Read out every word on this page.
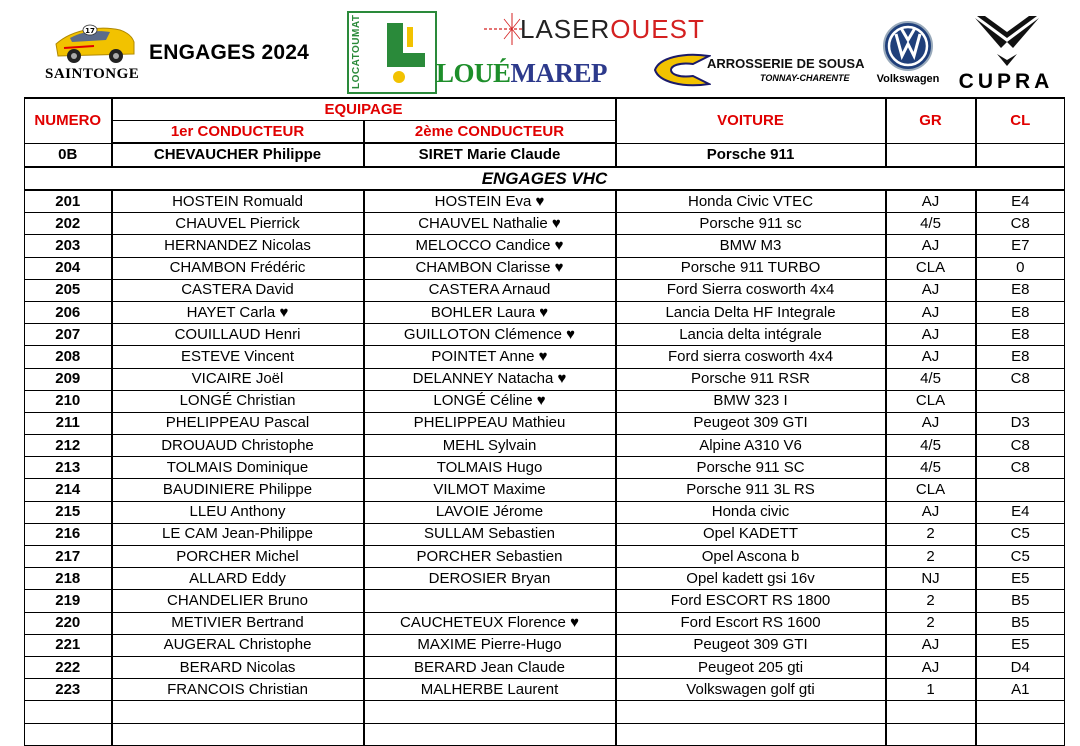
17
SAINTONGE
ENGAGES 2024	LOCATOUMAT	LOUÉMAREP
LASEROUEST
ARROSSERIE DE SOUSA
TONNAY-CHARENTE Volkswagen CUPRA
NUMERO	EQUIPAGE		VOITURE	GR	CL
	1er CONDUCTEUR	2ème CONDUCTEUR			
0B	CHEVAUCHER Philippe	SIRET Marie Claude	Porsche 911		
ENGAGES VHC					
201	HOSTEIN Romuald	HOSTEIN Eva ♥	Honda Civic VTEC	AJ	E4
202	CHAUVEL Pierrick	CHAUVEL Nathalie ♥	Porsche 911 sc	4/5	C8
203	HERNANDEZ Nicolas	MELOCCO Candice ♥	BMW M3	AJ	E7
204	CHAMBON Frédéric	CHAMBON Clarisse ♥	Porsche 911 TURBO	CLA	0
205	CASTERA David	CASTERA Arnaud	Ford Sierra cosworth 4x4	AJ	E8
206	HAYET Carla ♥	BOHLER Laura ♥	Lancia Delta HF Integrale	AJ	E8
207	COUILLAUD Henri	GUILLOTON Clémence ♥	Lancia delta intégrale	AJ	E8
208	ESTEVE Vincent	POINTET Anne ♥	Ford sierra cosworth 4x4	AJ	E8
209	VICAIRE Joël	DELANNEY Natacha ♥	Porsche 911 RSR	4/5	C8
210	LONGÉ Christian	LONGÉ Céline ♥	BMW 323 I	CLA	
211	PHELIPPEAU Pascal	PHELIPPEAU Mathieu	Peugeot 309 GTI	AJ	D3
212	DROUAUD Christophe	MEHL Sylvain	Alpine A310 V6	4/5	C8
213	TOLMAIS Dominique	TOLMAIS Hugo	Porsche 911 SC	4/5	C8
214	BAUDINIERE Philippe	VILMOT Maxime	Porsche 911 3L RS	CLA	
215	LLEU Anthony	LAVOIE Jérome	Honda civic	AJ	E4
216	LE CAM Jean-Philippe	SULLAM Sebastien	Opel KADETT	2	C5
217	PORCHER Michel	PORCHER Sebastien	Opel Ascona b	2	C5
218	ALLARD Eddy	DEROSIER Bryan	Opel kadett gsi 16v	NJ	E5
219	CHANDELIER Bruno		Ford ESCORT RS 1800	2	B5
220	METIVIER Bertrand	CAUCHETEUX Florence ♥	Ford Escort RS 1600	2	B5
221	AUGERAL Christophe	MAXIME Pierre-Hugo	Peugeot 309 GTI	AJ	E5
222	BERARD Nicolas	BERARD Jean Claude	Peugeot 205 gti	AJ	D4
223	FRANCOIS Christian	MALHERBE Laurent	Volkswagen golf gti	1	A1
